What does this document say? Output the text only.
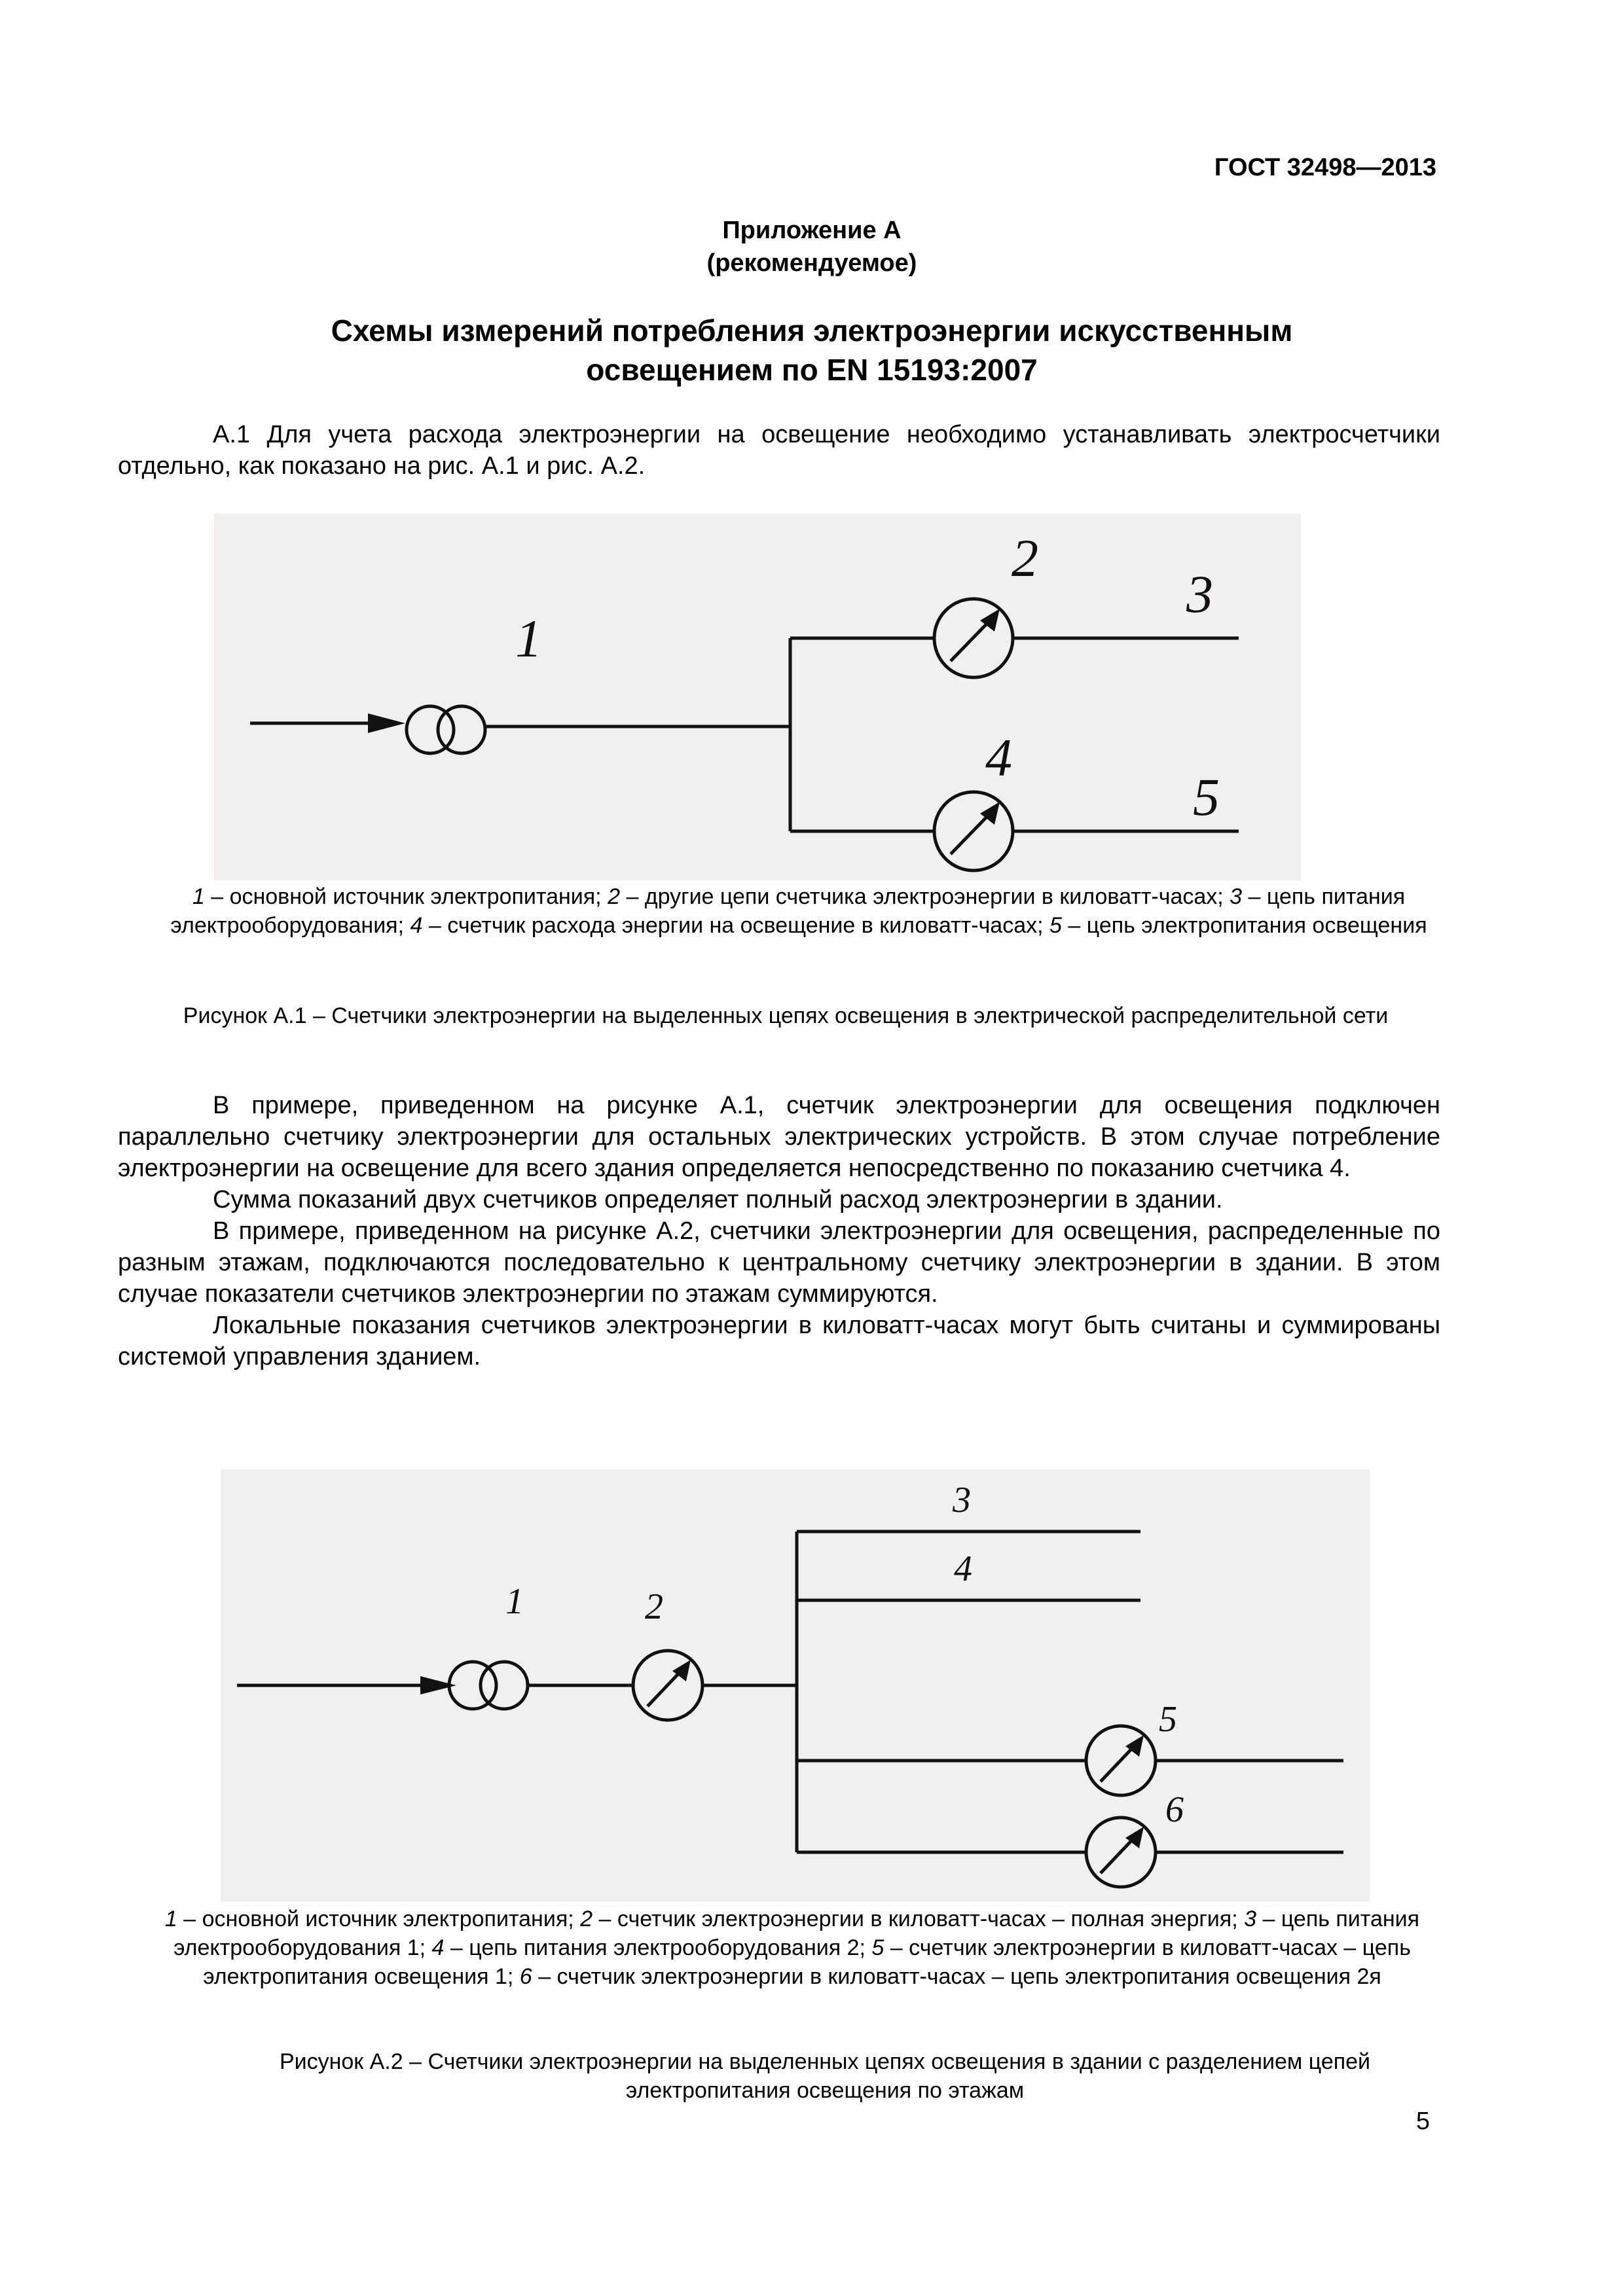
ГОСТ 32498—2013
Приложение А
(рекомендуемое)
Схемы измерений потребления электроэнергии искусственным
освещением по EN 15193:2007
А.1 Для учета расхода электроэнергии на освещение необходимо устанавливать электросчетчики отдельно, как показано на рис. А.1 и рис. А.2.
1
2
3
4
5
1 – основной источник электропитания; 2 – другие цепи счетчика электроэнергии в киловатт-часах; 3 – цепь питания электрооборудования; 4 – счетчик расхода энергии на освещение в киловатт-часах; 5 – цепь электропитания освещения
Рисунок А.1 – Счетчики электроэнергии на выделенных цепях освещения в электрической распределительной сети
В примере, приведенном на рисунке А.1, счетчик электроэнергии для освещения подключен параллельно счетчику электроэнергии для остальных электрических устройств. В этом случае потребление электроэнергии на освещение для всего здания определяется непосредственно по показанию счетчика 4.
Сумма показаний двух счетчиков определяет полный расход электроэнергии в здании.
В примере, приведенном на рисунке А.2, счетчики электроэнергии для освещения, распределенные по разным этажам, подключаются последовательно к центральному счетчику электроэнергии в здании. В этом случае показатели счетчиков электроэнергии по этажам суммируются.
Локальные показания счетчиков электроэнергии в киловатт-часах могут быть считаны и суммированы системой управления зданием.
1	2
3
4
5
6
1 – основной источник электропитания; 2 – счетчик электроэнергии в киловатт-часах – полная энергия; 3 – цепь питания электрооборудования 1; 4 – цепь питания электрооборудования 2; 5 – счетчик электроэнергии в киловатт-часах – цепь электропитания освещения 1; 6 – счетчик электроэнергии в киловатт-часах – цепь электропитания освещения 2я
Рисунок А.2 – Счетчики электроэнергии на выделенных цепях освещения в здании с разделением цепей электропитания освещения по этажам
5
